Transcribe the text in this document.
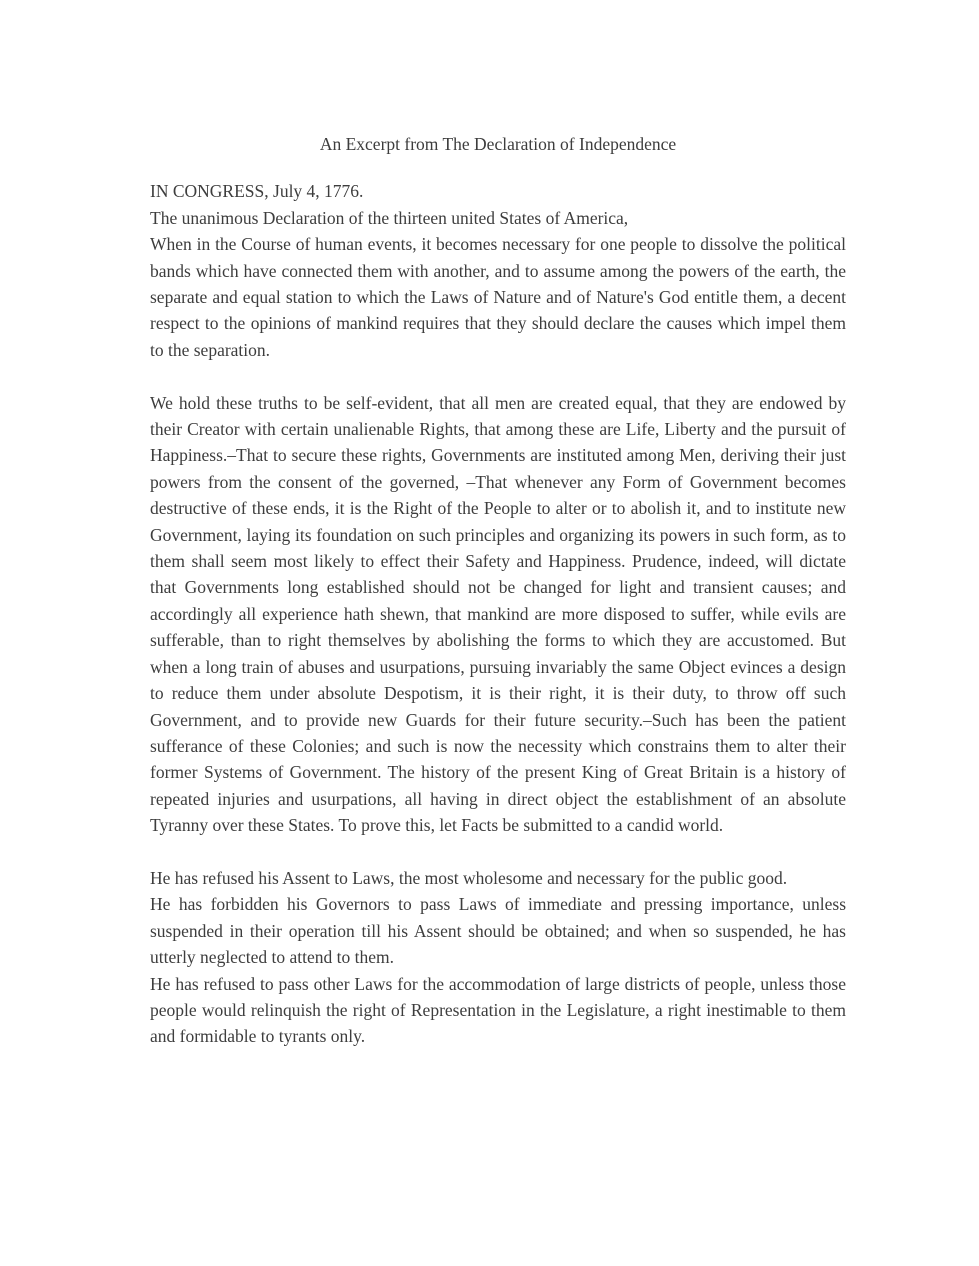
An Excerpt from The Declaration of Independence

IN CONGRESS, July 4, 1776.

The unanimous Declaration of the thirteen united States of America,

When in the Course of human events, it becomes necessary for one people to dissolve the political bands which have connected them with another, and to assume among the powers of the earth, the separate and equal station to which the Laws of Nature and of Nature's God entitle them, a decent respect to the opinions of mankind requires that they should declare the causes which impel them to the separation.

We hold these truths to be self-evident, that all men are created equal, that they are endowed by their Creator with certain unalienable Rights, that among these are Life, Liberty and the pursuit of Happiness.–That to secure these rights, Governments are instituted among Men, deriving their just powers from the consent of the governed, –That whenever any Form of Government becomes destructive of these ends, it is the Right of the People to alter or to abolish it, and to institute new Government, laying its foundation on such principles and organizing its powers in such form, as to them shall seem most likely to effect their Safety and Happiness. Prudence, indeed, will dictate that Governments long established should not be changed for light and transient causes; and accordingly all experience hath shewn, that mankind are more disposed to suffer, while evils are sufferable, than to right themselves by abolishing the forms to which they are accustomed. But when a long train of abuses and usurpations, pursuing invariably the same Object evinces a design to reduce them under absolute Despotism, it is their right, it is their duty, to throw off such Government, and to provide new Guards for their future security.–Such has been the patient sufferance of these Colonies; and such is now the necessity which constrains them to alter their former Systems of Government. The history of the present King of Great Britain is a history of repeated injuries and usurpations, all having in direct object the establishment of an absolute Tyranny over these States. To prove this, let Facts be submitted to a candid world.

He has refused his Assent to Laws, the most wholesome and necessary for the public good.

He has forbidden his Governors to pass Laws of immediate and pressing importance, unless suspended in their operation till his Assent should be obtained; and when so suspended, he has utterly neglected to attend to them.

He has refused to pass other Laws for the accommodation of large districts of people, unless those people would relinquish the right of Representation in the Legislature, a right inestimable to them and formidable to tyrants only.
